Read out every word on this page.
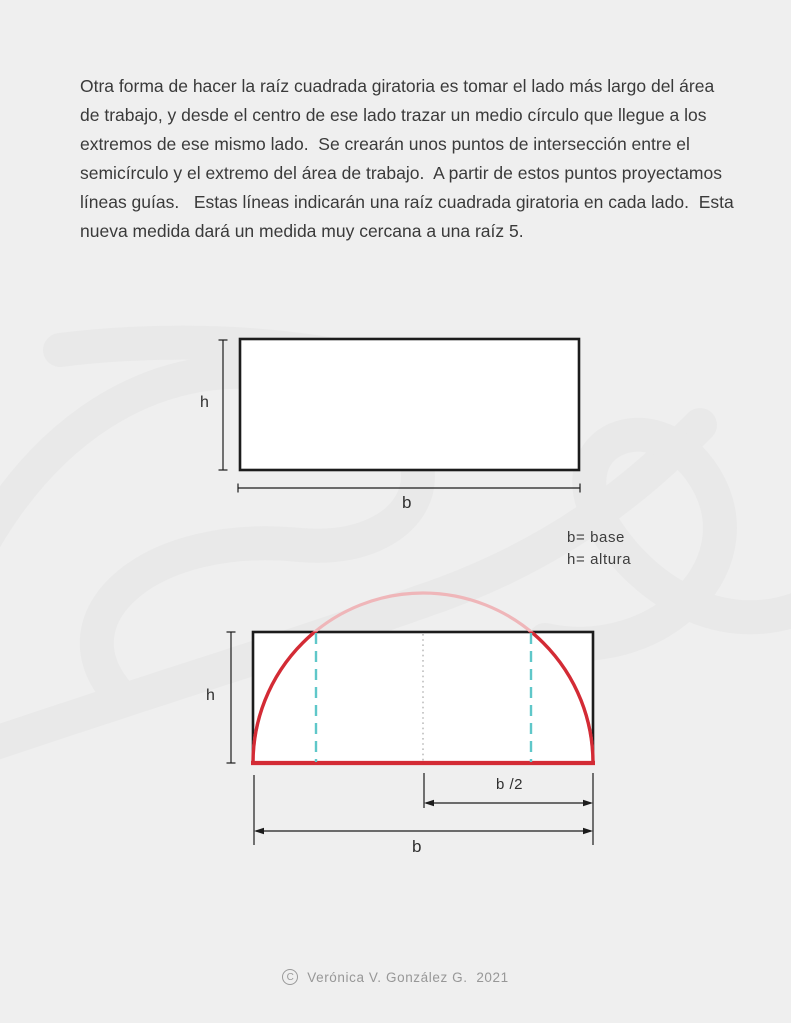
Otra forma de hacer la raíz cuadrada giratoria es tomar el lado más largo del área de trabajo, y desde el centro de ese lado trazar un medio círculo que llegue a los extremos de ese mismo lado.  Se crearán unos puntos de intersección entre el semicírculo y el extremo del área de trabajo.  A partir de estos puntos proyectamos líneas guías.   Estas líneas indicarán una raíz cuadrada giratoria en cada lado.  Esta nueva medida dará un medida muy cercana a una raíz 5.
h
b
b= base
h= altura
h
b /2
b
C Verónica V. González G.  2021
